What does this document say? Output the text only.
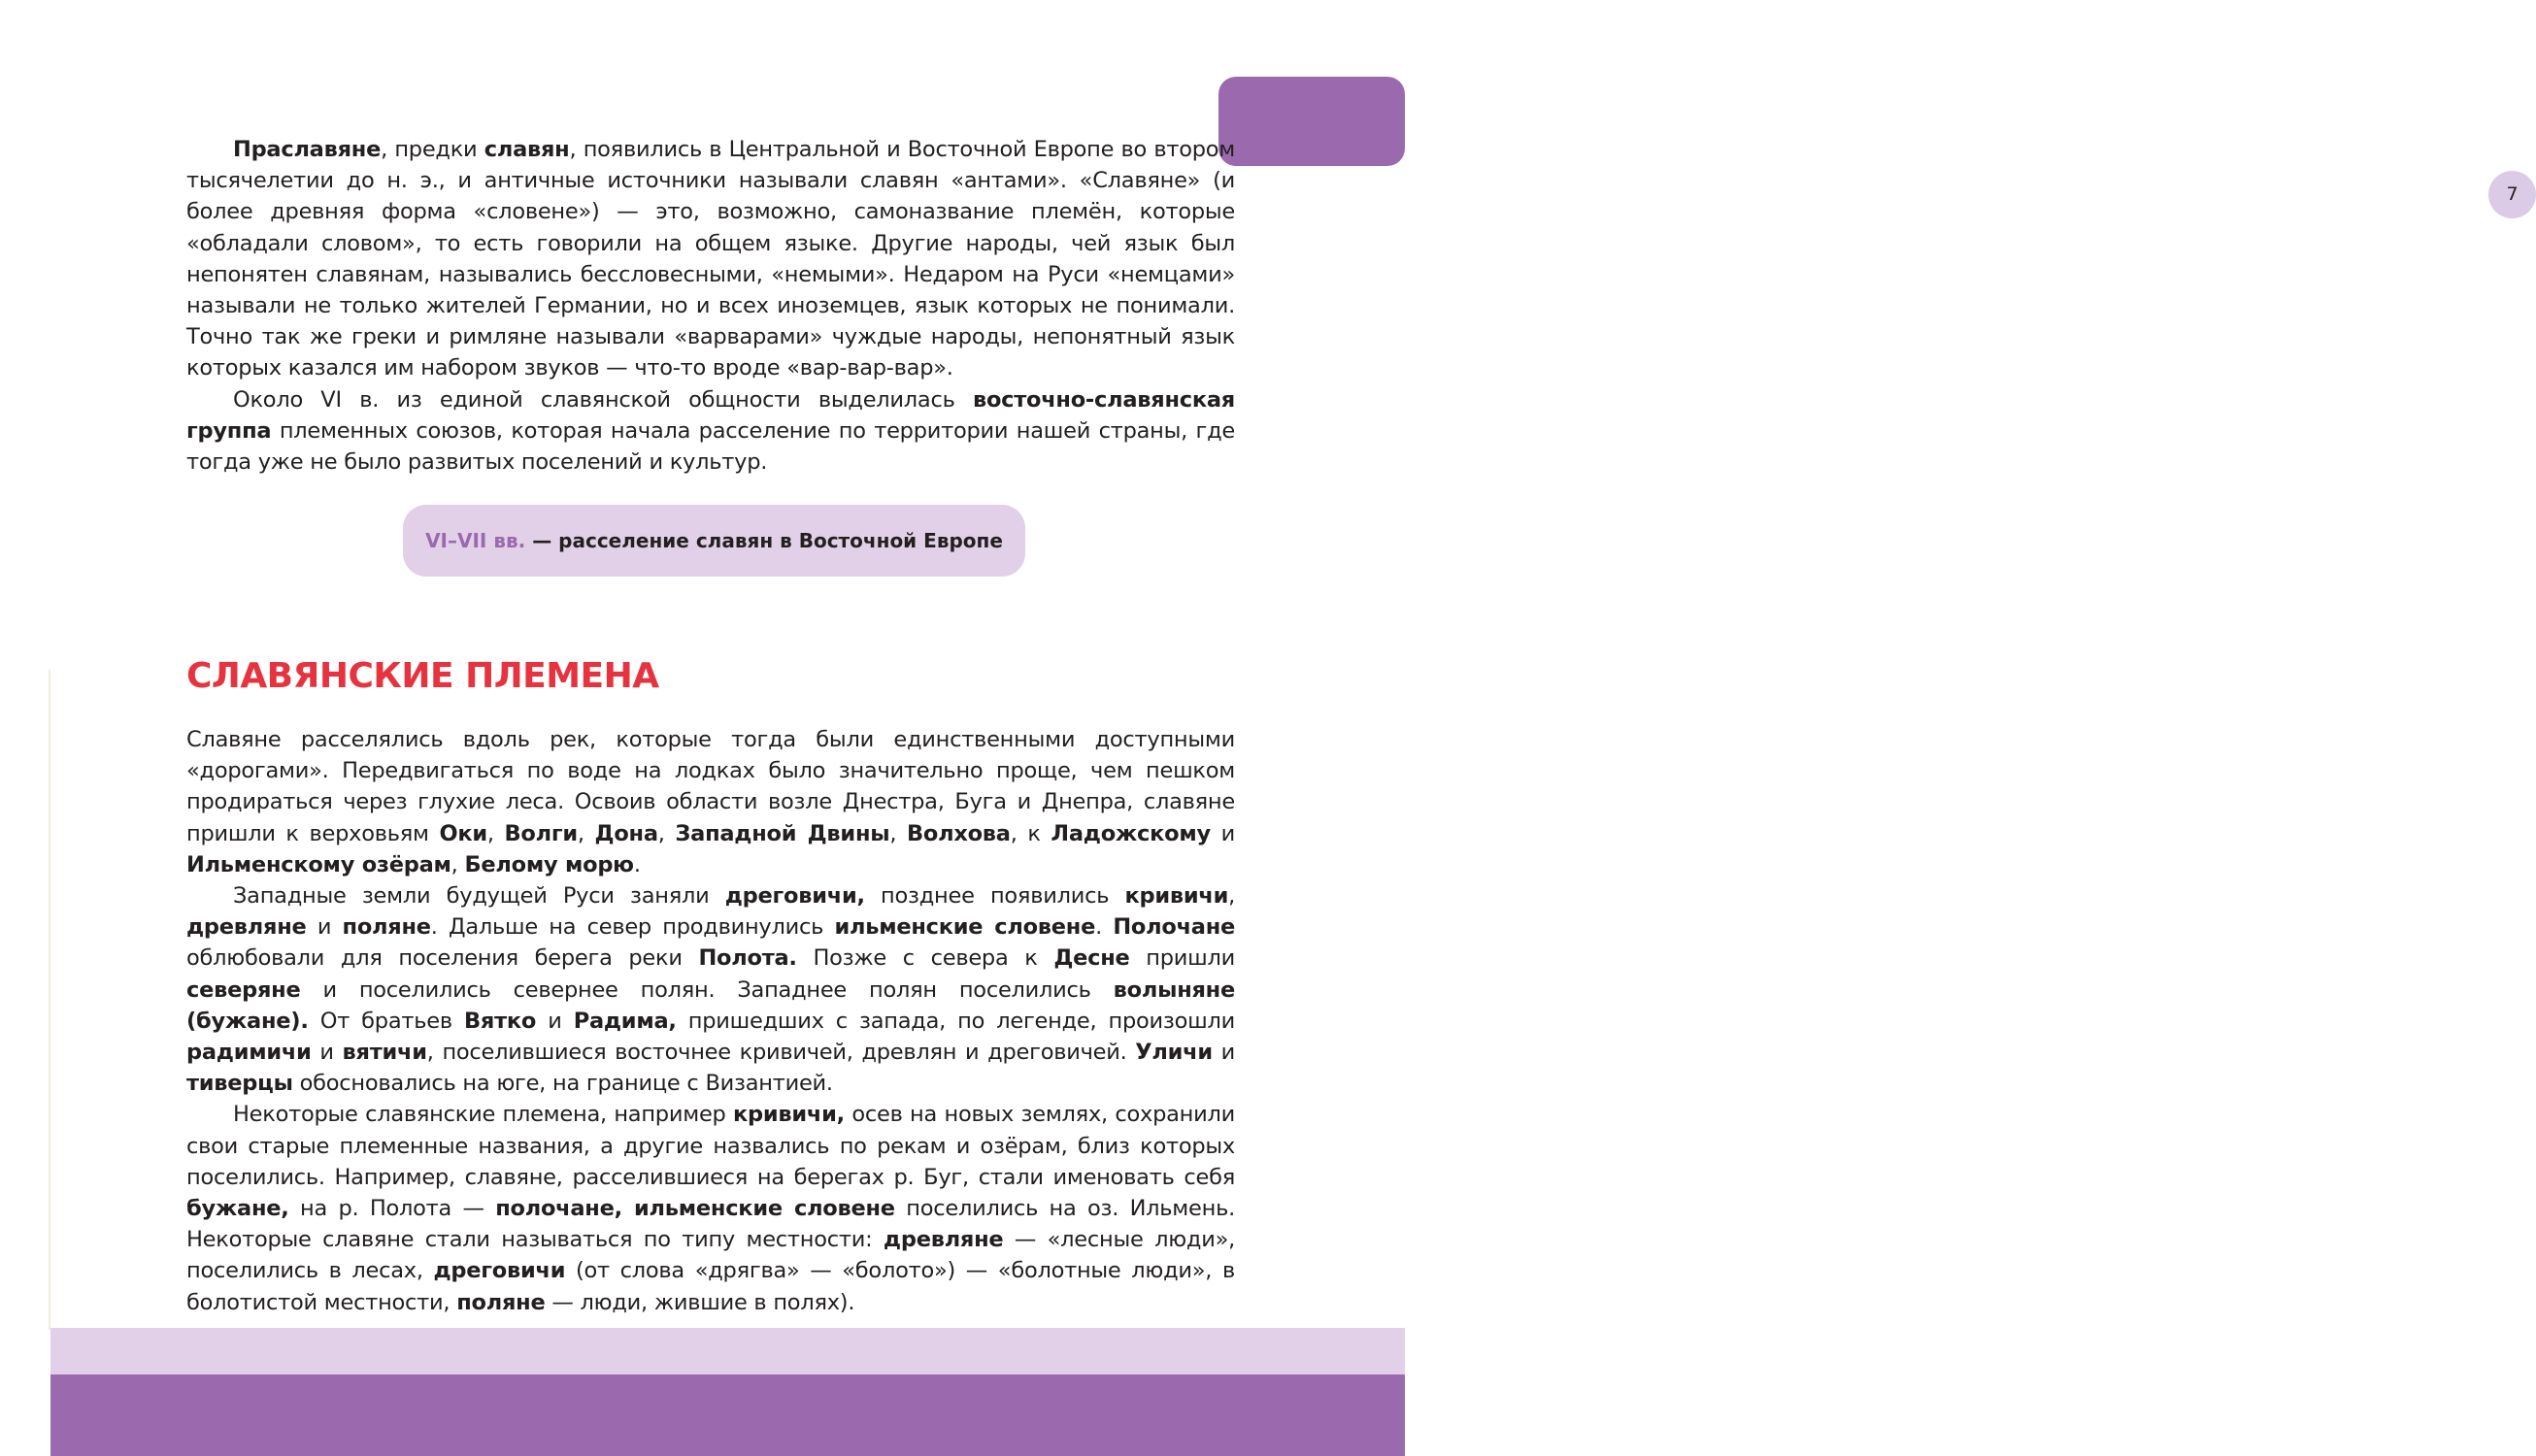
7

Праславяне, предки славян, появились в Центральной и Восточной Европе во втором тысячелетии до н. э., и античные источники называли славян «антами». «Славяне» (и более древняя форма «словене») — это, возможно, самоназвание племён, которые «обладали словом», то есть говорили на общем языке. Другие народы, чей язык был непонятен славянам, назывались бессловесными, «немыми». Недаром на Руси «немцами» называли не только жителей Германии, но и всех иноземцев, язык которых не понимали. Точно так же греки и римляне называли «варварами» чуждые народы, непонятный язык которых казался им набором звуков — что-то вроде «вар-вар-вар».

Около VI в. из единой славянской общности выделилась восточно-славянская группа племенных союзов, которая начала расселение по территории нашей страны, где тогда уже не было развитых поселений и культур.

VI–VII вв. — расселение славян в Восточной Европе
СЛАВЯНСКИЕ ПЛЕМЕНА

Славяне расселялись вдоль рек, которые тогда были единственными доступными «дорогами». Передвигаться по воде на лодках было значительно проще, чем пешком продираться через глухие леса. Освоив области возле Днестра, Буга и Днепра, славяне пришли к верховьям Оки, Волги, Дона, Западной Двины, Волхова, к Ладожскому и Ильменскому озёрам, Белому морю.

Западные земли будущей Руси заняли дреговичи, позднее появились кривичи, древляне и поляне. Дальше на север продвинулись ильменские словене. Полочане облюбовали для поселения берега реки Полота. Позже с севера к Десне пришли северяне и поселились севернее полян. Западнее полян поселились волыняне (бужане). От братьев Вятко и Радима, пришедших с запада, по легенде, произошли радимичи и вятичи, поселившиеся восточнее кривичей, древлян и дреговичей. Уличи и тиверцы обосновались на юге, на границе с Византией.

Некоторые славянские племена, например кривичи, осев на новых землях, сохранили свои старые племенные названия, а другие назвались по рекам и озёрам, близ которых поселились. Например, славяне, расселившиеся на берегах р. Буг, стали именовать себя бужане, на р. Полота — полочане, ильменские словене поселились на оз. Ильмень. Некоторые славяне стали называться по типу местности: древляне — «лесные люди», поселились в лесах, дреговичи (от слова «дрягва» — «болото») — «болотные люди», в болотистой местности, поляне — люди, жившие в полях).
